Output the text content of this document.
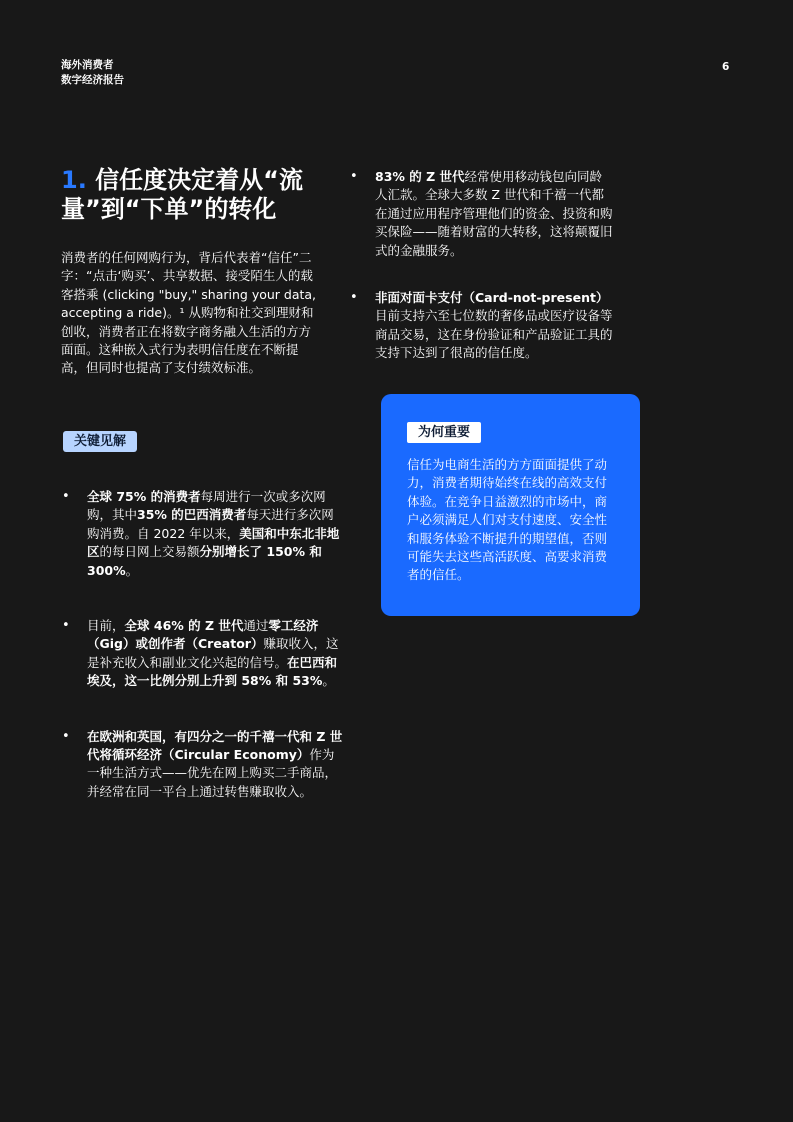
海外消费者
数字经济报告
6
1. 信任度决定着从“流量”到“下单”的转化
消费者的任何网购行为，背后代表着“信任”二字：“点击‘购买’、共享数据、接受陌生人的载客搭乘 (clicking "buy," sharing your data, accepting a ride)。¹ 从购物和社交到理财和创收，消费者正在将数字商务融入生活的方方面面。这种嵌入式行为表明信任度在不断提高，但同时也提高了支付绩效标准。
关键见解
• 全球 75% 的消费者每周进行一次或多次网购，其中35% 的巴西消费者每天进行多次网购消费。自 2022 年以来，美国和中东北非地区的每日网上交易额分别增长了 150% 和 300%。
• 目前，全球 46% 的 Z 世代通过零工经济（Gig）或创作者（Creator）赚取收入，这是补充收入和副业文化兴起的信号。在巴西和埃及，这一比例分别上升到 58% 和 53%。
• 在欧洲和英国，有四分之一的千禧一代和 Z 世代将循环经济（Circular Economy）作为一种生活方式——优先在网上购买二手商品，并经常在同一平台上通过转售赚取收入。
• 83% 的 Z 世代经常使用移动钱包向同龄人汇款。全球大多数 Z 世代和千禧一代都在通过应用程序管理他们的资金、投资和购买保险——随着财富的大转移，这将颠覆旧式的金融服务。
• 非面对面卡支付（Card-not-present）目前支持六至七位数的奢侈品或医疗设备等商品交易，这在身份验证和产品验证工具的支持下达到了很高的信任度。
为何重要
信任为电商生活的方方面面提供了动力，消费者期待始终在线的高效支付体验。在竞争日益激烈的市场中，商户必须满足人们对支付速度、安全性和服务体验不断提升的期望值，否则可能失去这些高活跃度、高要求消费者的信任。
